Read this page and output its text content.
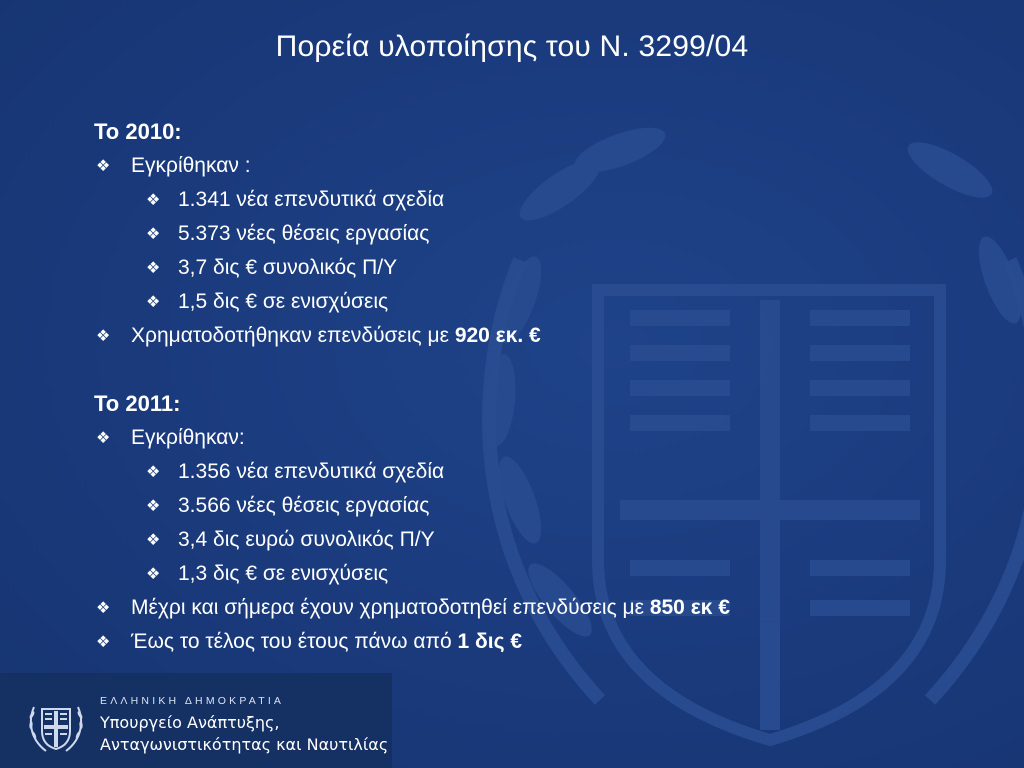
Πορεία υλοποίησης του Ν. 3299/04
Το 2010:
❖ Εγκρίθηκαν :
❖ 1.341 νέα επενδυτικά σχεδία
❖ 5.373 νέες θέσεις εργασίας
❖ 3,7 δις € συνολικός Π/Υ
❖ 1,5 δις € σε ενισχύσεις
❖ Χρηματοδοτήθηκαν επενδύσεις με 920 εκ. €
Το 2011:
❖ Εγκρίθηκαν:
❖ 1.356 νέα επενδυτικά σχεδία
❖ 3.566 νέες θέσεις εργασίας
❖ 3,4 δις ευρώ συνολικός Π/Υ
❖ 1,3 δις € σε ενισχύσεις
❖ Μέχρι και σήμερα έχουν χρηματοδοτηθεί επενδύσεις με 850 εκ €
❖ Έως το τέλος του έτους πάνω από 1 δις €
ΕΛΛΗΝΙΚΗ ΔΗΜΟΚΡΑΤΙΑ
Υπουργείο Ανάπτυξης,
Ανταγωνιστικότητας και Ναυτιλίας
